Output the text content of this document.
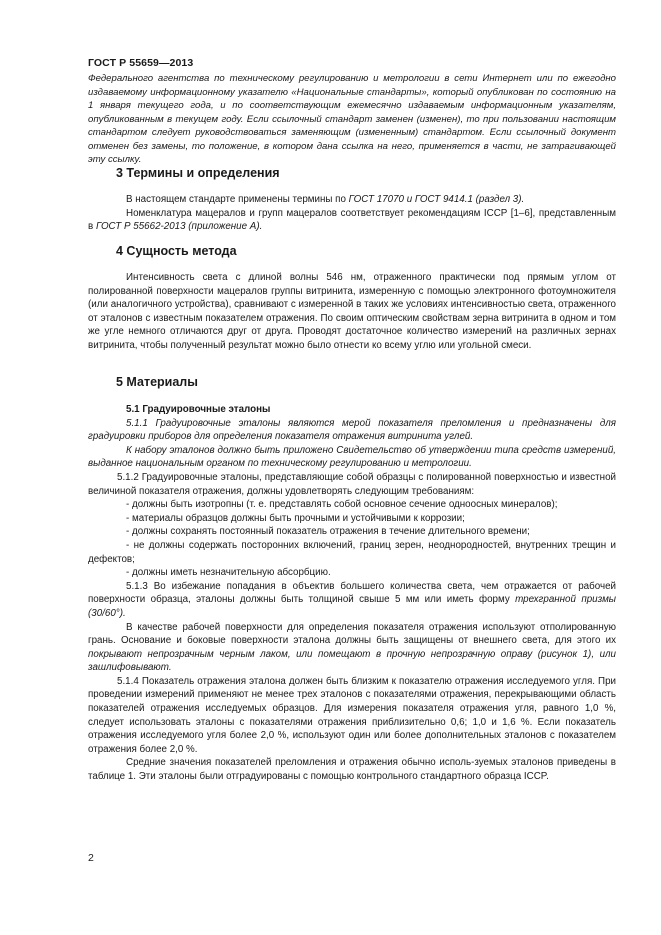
ГОСТ Р 55659—2013
Федерального агентства по техническому регулированию и метрологии в сети Интернет или по ежегодно издаваемому информационному указателю «Национальные стандарты», который опубликован по состоянию на 1 января текущего года, и по соответствующим ежемесячно издаваемым информационным указателям, опубликованным в текущем году. Если ссылочный стандарт заменен (изменен), то при пользовании настоящим стандартом следует руководствоваться заменяющим (измененным) стандартом. Если ссылочный документ отменен без замены, то положение, в котором дана ссылка на него, применяется в части, не затрагивающей эту ссылку.
3 Термины и определения

В настоящем стандарте применены термины по ГОСТ 17070 и ГОСТ 9414.1 (раздел 3).

Номенклатура мацералов и групп мацералов соответствует рекомендациям ICCP [1–6], представленным в ГОСТ Р 55662-2013 (приложение А).

4 Сущность метода

Интенсивность света с длиной волны 546 нм, отраженного практически под прямым углом от полированной поверхности мацералов группы витринита, измеренную с помощью электронного фотоумножителя (или аналогичного устройства), сравнивают с измеренной в таких же условиях интенсивностью света, отраженного от эталонов с известным показателем отражения. По своим оптическим свойствам зерна витринита в одном и том же угле немного отличаются друг от друга. Проводят достаточное количество измерений на различных зернах витринита, чтобы полученный результат можно было отнести ко всему углю или угольной смеси.

5 Материалы

5.1 Градуировочные эталоны

5.1.1 Градуировочные эталоны являются мерой показателя преломления и предназначены для градуировки приборов для определения показателя отражения витринита углей.

К набору эталонов должно быть приложено Свидетельство об утверждении типа средств измерений, выданное национальным органом по техническому регулированию и метрологии.

5.1.2 Градуировочные эталоны, представляющие собой образцы с полированной поверхностью и известной величиной показателя отражения, должны удовлетворять следующим требованиям:

- должны быть изотропны (т. е. представлять собой основное сечение одноосных минералов);

- материалы образцов должны быть прочными и устойчивыми к коррозии;

- должны сохранять постоянный показатель отражения в течение длительного времени;

- не должны содержать посторонних включений, границ зерен, неоднородностей, внутренних трещин и дефектов;

- должны иметь незначительную абсорбцию.

5.1.3 Во избежание попадания в объектив большего количества света, чем отражается от рабочей поверхности образца, эталоны должны быть толщиной свыше 5 мм или иметь форму трехгранной призмы (30/60°).

В качестве рабочей поверхности для определения показателя отражения используют отполированную грань. Основание и боковые поверхности эталона должны быть защищены от внешнего света, для этого их покрывают непрозрачным черным лаком, или помещают в прочную непрозрачную оправу (рисунок 1), или зашлифовывают.

5.1.4 Показатель отражения эталона должен быть близким к показателю отражения исследуемого угля. При проведении измерений применяют не менее трех эталонов с показателями отражения, перекрывающими область показателей отражения исследуемых образцов. Для измерения показателя отражения угля, равного 1,0 %, следует использовать эталоны с показателями отражения приблизительно 0,6; 1,0 и 1,6 %. Если показатель отражения исследуемого угля более 2,0 %, используют один или более дополнительных эталонов с показателем отражения более 2,0 %.

Средние значения показателей преломления и отражения обычно исполь-зуемых эталонов приведены в таблице 1. Эти эталоны были отградуированы с помощью контрольного стандартного образца ICCP.

2
